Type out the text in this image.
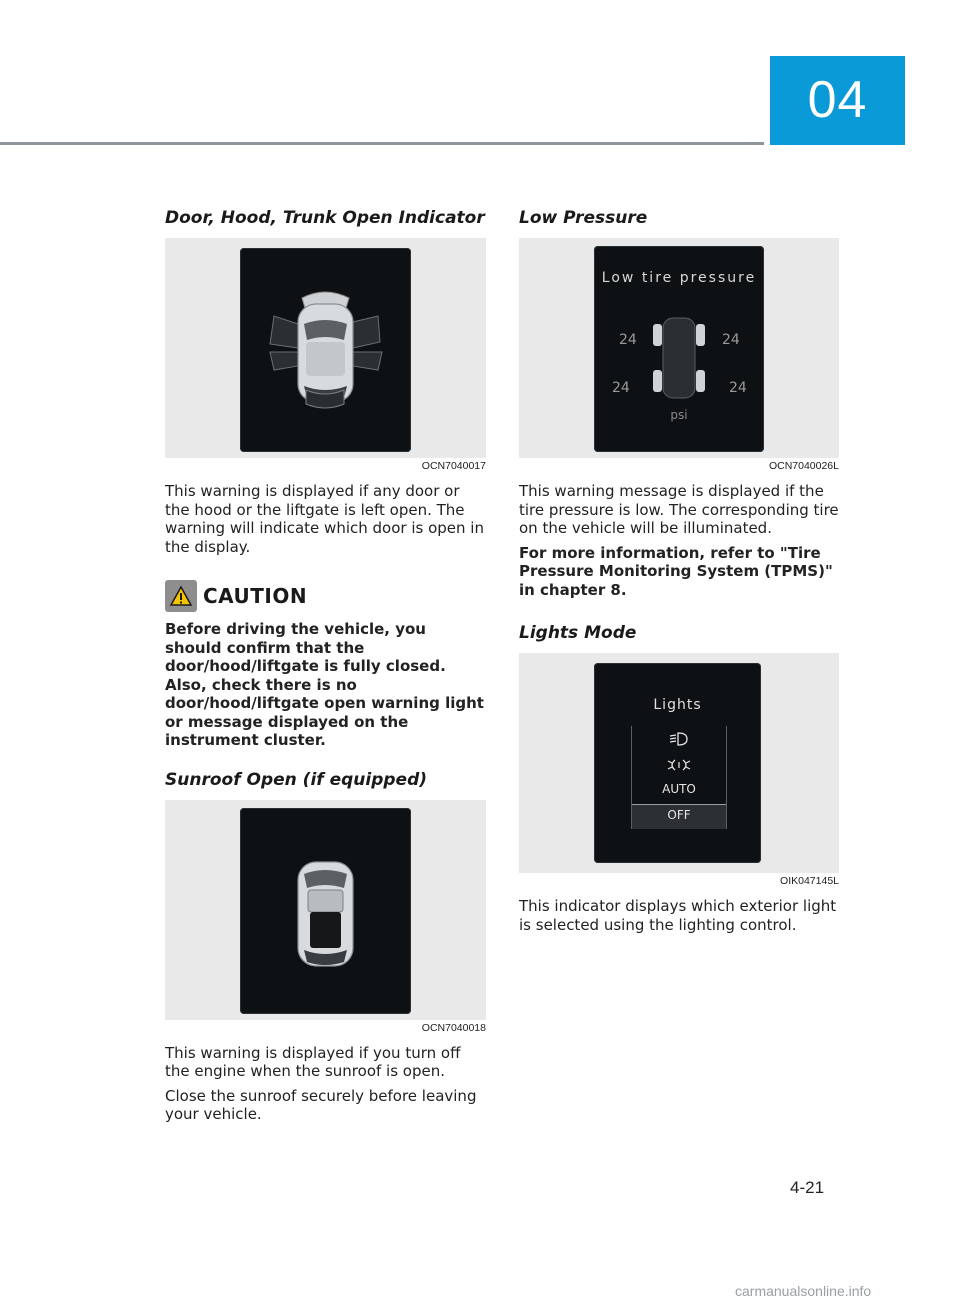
04
Door, Hood, Trunk Open Indicator
OCN7040017

This warning is displayed if any door or the hood or the liftgate is left open. The warning will indicate which door is open in the display.

CAUTION

Before driving the vehicle, you should confirm that the door/hood/liftgate is fully closed. Also, check there is no door/hood/liftgate open warning light or message displayed on the instrument cluster.

Sunroof Open (if equipped)
OCN7040018

This warning is displayed if you turn off the engine when the sunroof is open.

Close the sunroof securely before leaving your vehicle.

Low Pressure
Low tire pressure
24	24
24	24
psi
OCN7040026L

This warning message is displayed if the tire pressure is low. The corresponding tire on the vehicle will be illuminated.

For more information, refer to "Tire Pressure Monitoring System (TPMS)" in chapter 8.

Lights Mode
Lights
AUTO
OFF
OIK047145L

This indicator displays which exterior light is selected using the lighting control.

4-21
carmanualsonline.info
